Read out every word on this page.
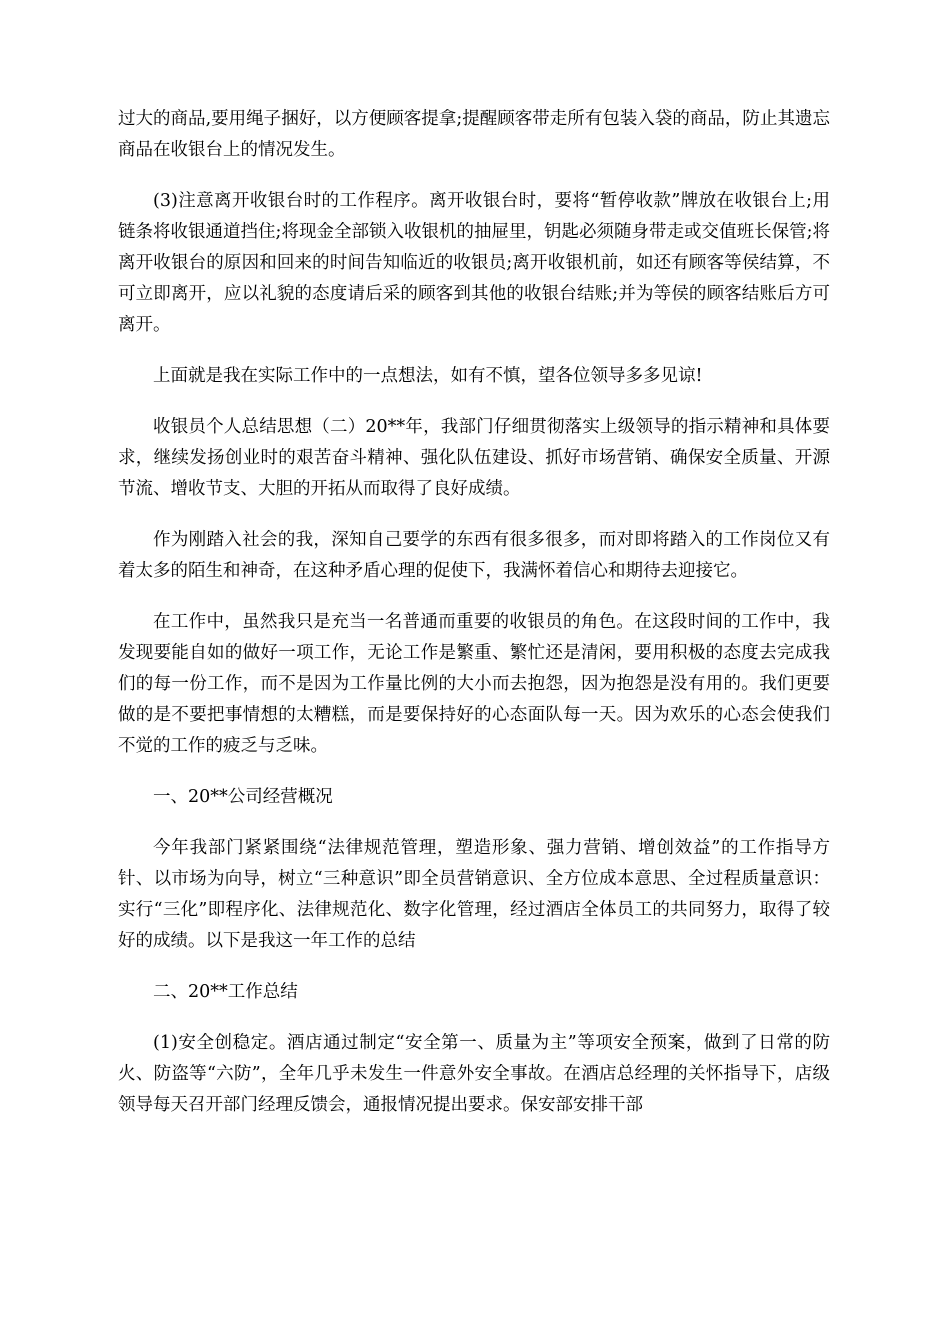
过大的商品,要用绳子捆好，以方便顾客提拿;提醒顾客带走所有包装入袋的商品，防止其遗忘商品在收银台上的情况发生。

(3)注意离开收银台时的工作程序。离开收银台时，要将“暂停收款”牌放在收银台上;用链条将收银通道挡住;将现金全部锁入收银机的抽屉里，钥匙必须随身带走或交值班长保管;将离开收银台的原因和回来的时间告知临近的收银员;离开收银机前，如还有顾客等侯结算，不可立即离开，应以礼貌的态度请后采的顾客到其他的收银台结账;并为等侯的顾客结账后方可离开。

上面就是我在实际工作中的一点想法，如有不慎，望各位领导多多见谅!

收银员个人总结思想（二）20**年，我部门仔细贯彻落实上级领导的指示精神和具体要求，继续发扬创业时的艰苦奋斗精神、强化队伍建设、抓好市场营销、确保安全质量、开源节流、增收节支、大胆的开拓从而取得了良好成绩。

作为刚踏入社会的我，深知自己要学的东西有很多很多，而对即将踏入的工作岗位又有着太多的陌生和神奇，在这种矛盾心理的促使下，我满怀着信心和期待去迎接它。

在工作中，虽然我只是充当一名普通而重要的收银员的角色。在这段时间的工作中，我发现要能自如的做好一项工作，无论工作是繁重、繁忙还是清闲，要用积极的态度去完成我们的每一份工作，而不是因为工作量比例的大小而去抱怨，因为抱怨是没有用的。我们更要做的是不要把事情想的太糟糕，而是要保持好的心态面队每一天。因为欢乐的心态会使我们不觉的工作的疲乏与乏味。

一、20**公司经营概况

今年我部门紧紧围绕“法律规范管理，塑造形象、强力营销、增创效益”的工作指导方针、以市场为向导，树立“三种意识”即全员营销意识、全方位成本意思、全过程质量意识：实行“三化”即程序化、法律规范化、数字化管理，经过酒店全体员工的共同努力，取得了较好的成绩。以下是我这一年工作的总结

二、20**工作总结

(1)安全创稳定。酒店通过制定“安全第一、质量为主”等项安全预案，做到了日常的防火、防盗等“六防”，全年几乎未发生一件意外安全事故。在酒店总经理的关怀指导下，店级领导每天召开部门经理反馈会，通报情况提出要求。保安部安排干部
